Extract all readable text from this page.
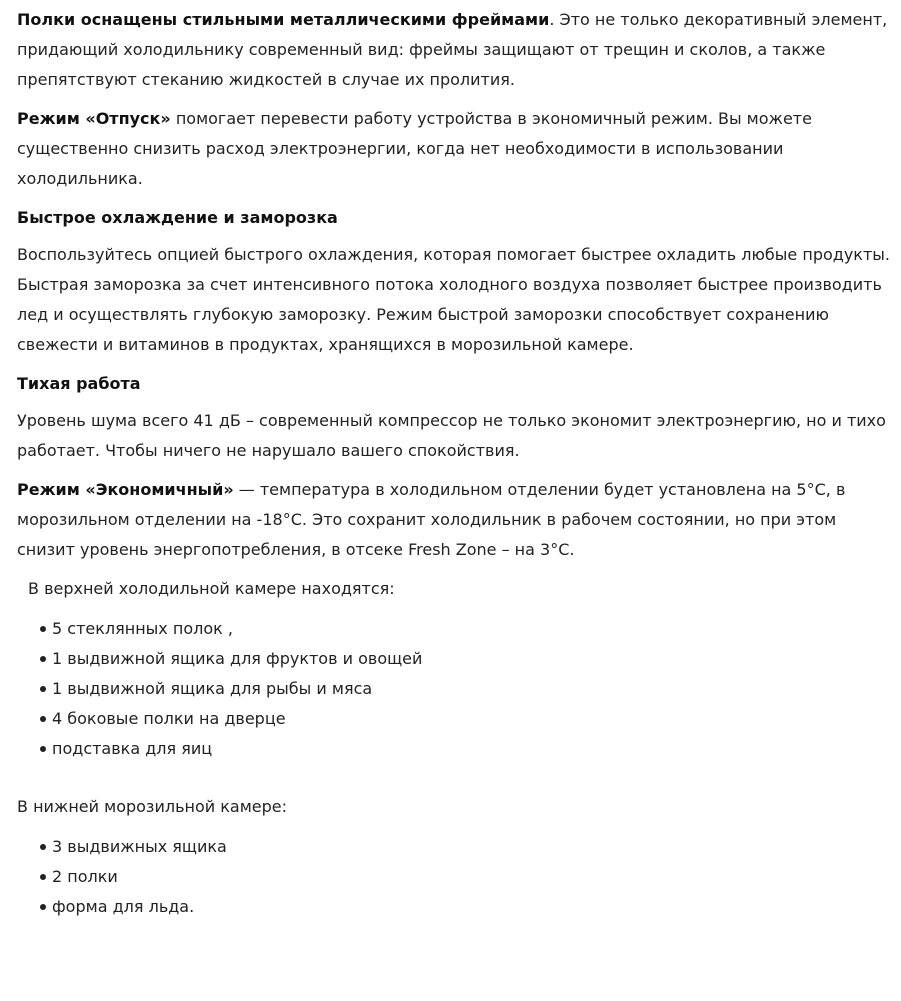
Полки оснащены стильными металлическими фреймами. Это не только декоративный элемент, придающий холодильнику современный вид: фреймы защищают от трещин и сколов, а также препятствуют стеканию жидкостей в случае их пролития.

Режим «Отпуск» помогает перевести работу устройства в экономичный режим. Вы можете существенно снизить расход электроэнергии, когда нет необходимости в использовании холодильника.

Быстрое охлаждение и заморозка

Воспользуйтесь опцией быстрого охлаждения, которая помогает быстрее охладить любые продукты. Быстрая заморозка за счет интенсивного потока холодного воздуха позволяет быстрее производить лед и осуществлять глубокую заморозку. Режим быстрой заморозки способствует сохранению свежести и витаминов в продуктах, хранящихся в морозильной камере.

Тихая работа

Уровень шума всего 41 дБ – современный компрессор не только экономит электроэнергию, но и тихо работает. Чтобы ничего не нарушало вашего спокойствия.

Режим «Экономичный» — температура в холодильном отделении будет установлена на 5°С, в морозильном отделении на -18°С. Это сохранит холодильник в рабочем состоянии, но при этом снизит уровень энергопотребления, в отсеке Fresh Zone – на 3°С.

В верхней холодильной камере находятся:

5 стеклянных полок ,
1 выдвижной ящика для фруктов и овощей
1 выдвижной ящика для рыбы и мяса
4 боковые полки на дверце
подставка для яиц

В нижней морозильной камере:

3 выдвижных ящика
2 полки
форма для льда.
